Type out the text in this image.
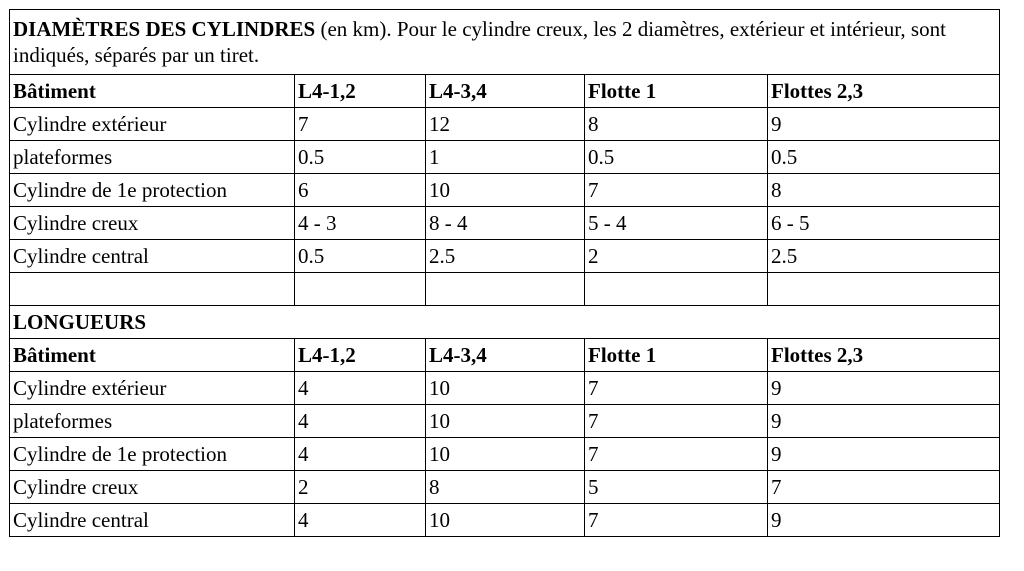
DIAMÈTRES DES CYLINDRES (en km). Pour le cylindre creux, les 2 diamètres, extérieur et intérieur, sont indiqués, séparés par un tiret.				
Bâtiment	L4-1,2	L4-3,4	Flotte 1	Flottes 2,3
Cylindre extérieur	7	12	8	9
plateformes	0.5	1	0.5	0.5
Cylindre de 1e protection	6	10	7	8
Cylindre creux	4 - 3	8 - 4	5 - 4	6 - 5
Cylindre central	0.5	2.5	2	2.5

LONGUEURS				
Bâtiment	L4-1,2	L4-3,4	Flotte 1	Flottes 2,3
Cylindre extérieur	4	10	7	9
plateformes	4	10	7	9
Cylindre de 1e protection	4	10	7	9
Cylindre creux	2	8	5	7
Cylindre central	4	10	7	9
